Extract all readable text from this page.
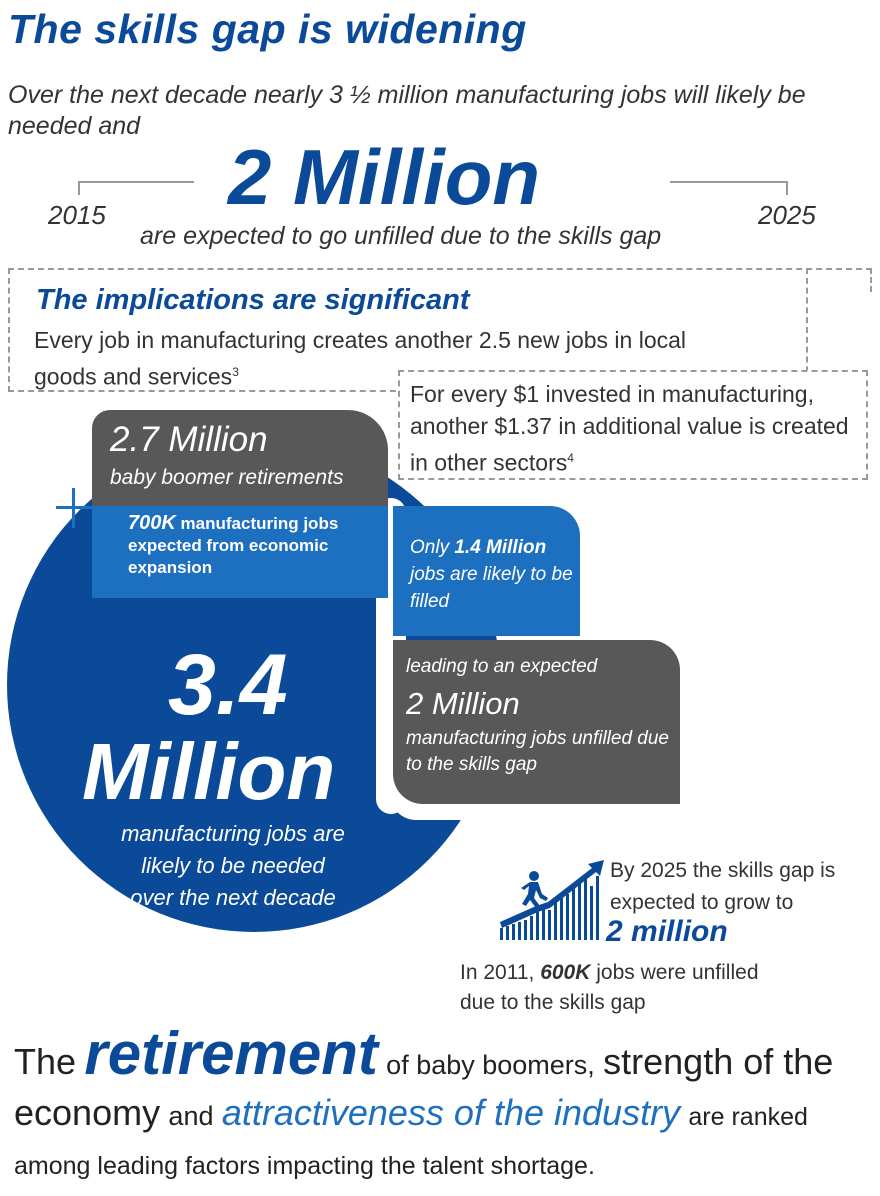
The skills gap is widening
Over the next decade nearly 3 ½ million manufacturing jobs will likely be needed and
2 Million
2015	2025
are expected to go unfilled due to the skills gap
The implications are significant
Every job in manufacturing creates another 2.5 new jobs in local goods and services$^3$
For every $1 invested in manufacturing, another $1.37 in additional value is created in other sectors$^4$
2.7 Million
baby boomer retirements
700K manufacturing jobs expected from economic expansion
Only 1.4 Million jobs are likely to be filled
leading to an expected
2 Million
manufacturing jobs unfilled due to the skills gap
3.4
Million
manufacturing jobs are likely to be needed over the next decade
By 2025 the skills gap is expected to grow to
2 million
In 2011, 600K jobs were unfilled due to the skills gap
The retirement of baby boomers, strength of the economy and attractiveness of the industry are ranked among leading factors impacting the talent shortage.
